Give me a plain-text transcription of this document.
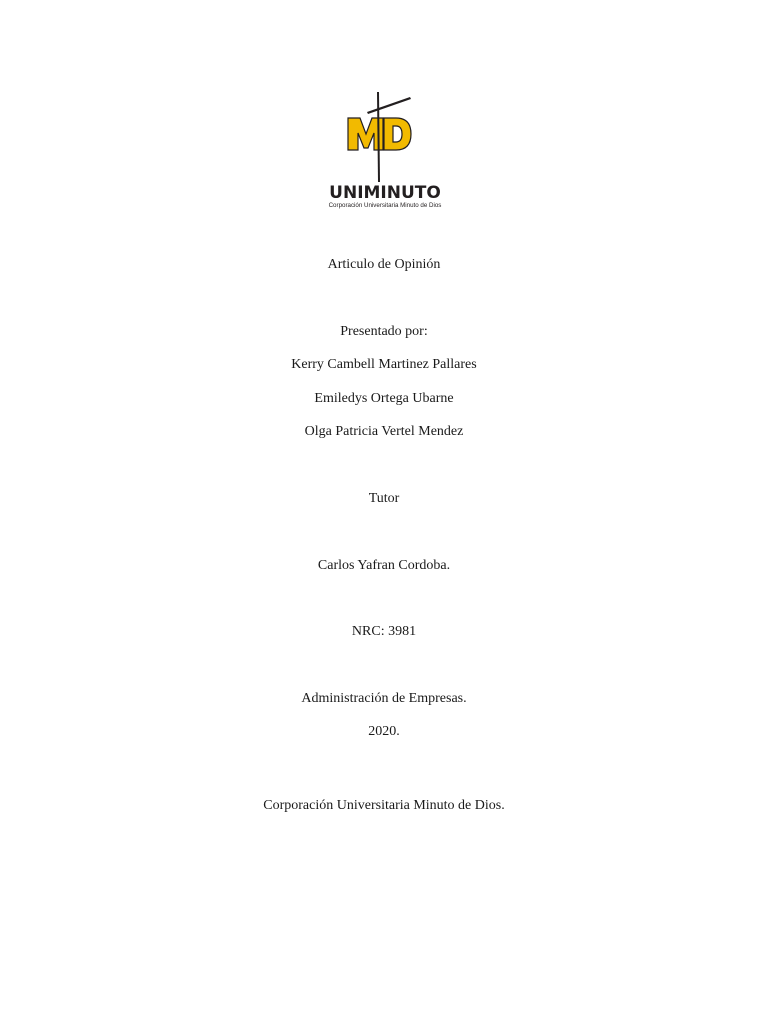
UNIMINUTO
Corporación Universitaria Minuto de Dios
Articulo de Opinión
Presentado por:
Kerry Cambell Martinez Pallares
Emiledys Ortega Ubarne
Olga Patricia Vertel Mendez
Tutor
Carlos Yafran Cordoba.
NRC: 3981
Administración de Empresas.
2020.
Corporación Universitaria Minuto de Dios.
